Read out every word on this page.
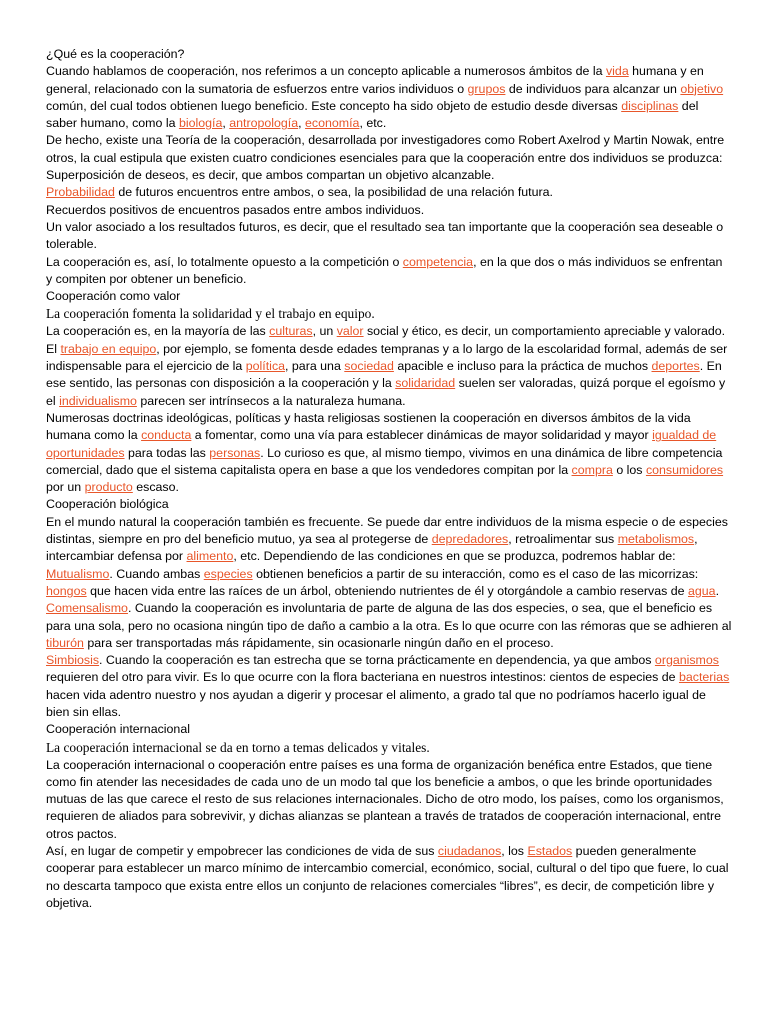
¿Qué es la cooperación?

Cuando hablamos de cooperación, nos referimos a un concepto aplicable a numerosos ámbitos de la vida humana y en general, relacionado con la sumatoria de esfuerzos entre varios individuos o grupos de individuos para alcanzar un objetivo común, del cual todos obtienen luego beneficio. Este concepto ha sido objeto de estudio desde diversas disciplinas del saber humano, como la biología, antropología, economía, etc.

De hecho, existe una Teoría de la cooperación, desarrollada por investigadores como Robert Axelrod y Martin Nowak, entre otros, la cual estipula que existen cuatro condiciones esenciales para que la cooperación entre dos individuos se produzca:

Superposición de deseos, es decir, que ambos compartan un objetivo alcanzable.

Probabilidad de futuros encuentros entre ambos, o sea, la posibilidad de una relación futura.

Recuerdos positivos de encuentros pasados entre ambos individuos.

Un valor asociado a los resultados futuros, es decir, que el resultado sea tan importante que la cooperación sea deseable o tolerable.

La cooperación es, así, lo totalmente opuesto a la competición o competencia, en la que dos o más individuos se enfrentan y compiten por obtener un beneficio.

Cooperación como valor

La cooperación fomenta la solidaridad y el trabajo en equipo.

La cooperación es, en la mayoría de las culturas, un valor social y ético, es decir, un comportamiento apreciable y valorado. El trabajo en equipo, por ejemplo, se fomenta desde edades tempranas y a lo largo de la escolaridad formal, además de ser indispensable para el ejercicio de la política, para una sociedad apacible e incluso para la práctica de muchos deportes. En ese sentido, las personas con disposición a la cooperación y la solidaridad suelen ser valoradas, quizá porque el egoísmo y el individualismo parecen ser intrínsecos a la naturaleza humana.

Numerosas doctrinas ideológicas, políticas y hasta religiosas sostienen la cooperación en diversos ámbitos de la vida humana como la conducta a fomentar, como una vía para establecer dinámicas de mayor solidaridad y mayor igualdad de oportunidades para todas las personas. Lo curioso es que, al mismo tiempo, vivimos en una dinámica de libre competencia comercial, dado que el sistema capitalista opera en base a que los vendedores compitan por la compra o los consumidores por un producto escaso.

Cooperación biológica

En el mundo natural la cooperación también es frecuente. Se puede dar entre individuos de la misma especie o de especies distintas, siempre en pro del beneficio mutuo, ya sea al protegerse de depredadores, retroalimentar sus metabolismos, intercambiar defensa por alimento, etc. Dependiendo de las condiciones en que se produzca, podremos hablar de:

Mutualismo. Cuando ambas especies obtienen beneficios a partir de su interacción, como es el caso de las micorrizas: hongos que hacen vida entre las raíces de un árbol, obteniendo nutrientes de él y otorgándole a cambio reservas de agua.

Comensalismo. Cuando la cooperación es involuntaria de parte de alguna de las dos especies, o sea, que el beneficio es para una sola, pero no ocasiona ningún tipo de daño a cambio a la otra. Es lo que ocurre con las rémoras que se adhieren al tiburón para ser transportadas más rápidamente, sin ocasionarle ningún daño en el proceso.

Simbiosis. Cuando la cooperación es tan estrecha que se torna prácticamente en dependencia, ya que ambos organismos requieren del otro para vivir. Es lo que ocurre con la flora bacteriana en nuestros intestinos: cientos de especies de bacterias hacen vida adentro nuestro y nos ayudan a digerir y procesar el alimento, a grado tal que no podríamos hacerlo igual de bien sin ellas.

Cooperación internacional

La cooperación internacional se da en torno a temas delicados y vitales.

La cooperación internacional o cooperación entre países es una forma de organización benéfica entre Estados, que tiene como fin atender las necesidades de cada uno de un modo tal que los beneficie a ambos, o que les brinde oportunidades mutuas de las que carece el resto de sus relaciones internacionales. Dicho de otro modo, los países, como los organismos, requieren de aliados para sobrevivir, y dichas alianzas se plantean a través de tratados de cooperación internacional, entre otros pactos.

Así, en lugar de competir y empobrecer las condiciones de vida de sus ciudadanos, los Estados pueden generalmente cooperar para establecer un marco mínimo de intercambio comercial, económico, social, cultural o del tipo que fuere, lo cual no descarta tampoco que exista entre ellos un conjunto de relaciones comerciales “libres”, es decir, de competición libre y objetiva.
